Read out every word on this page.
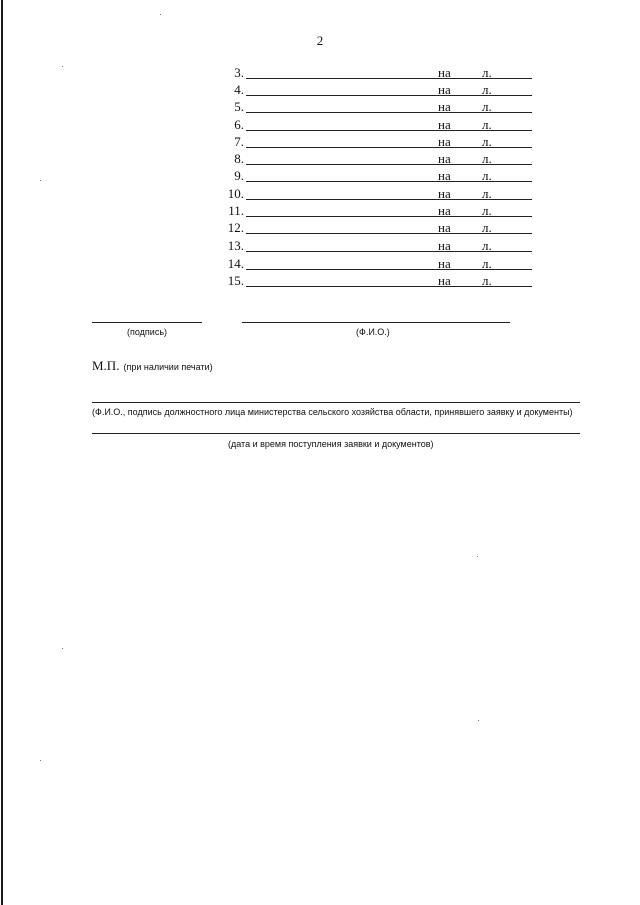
2
3.	на л.
4.	на л.
5.	на л.
6.	на л.
7.	на л.
8.	на л.
9.	на л.
10.	на л.
11.	на л.
12.	на л.
13.	на л.
14.	на л.
15.	на л.
(подпись)	(Ф.И.О.)
М.П. (при наличии печати)
(Ф.И.О., подпись должностного лица министерства сельского хозяйства области, принявшего заявку и документы)
(дата и время поступления заявки и документов)
